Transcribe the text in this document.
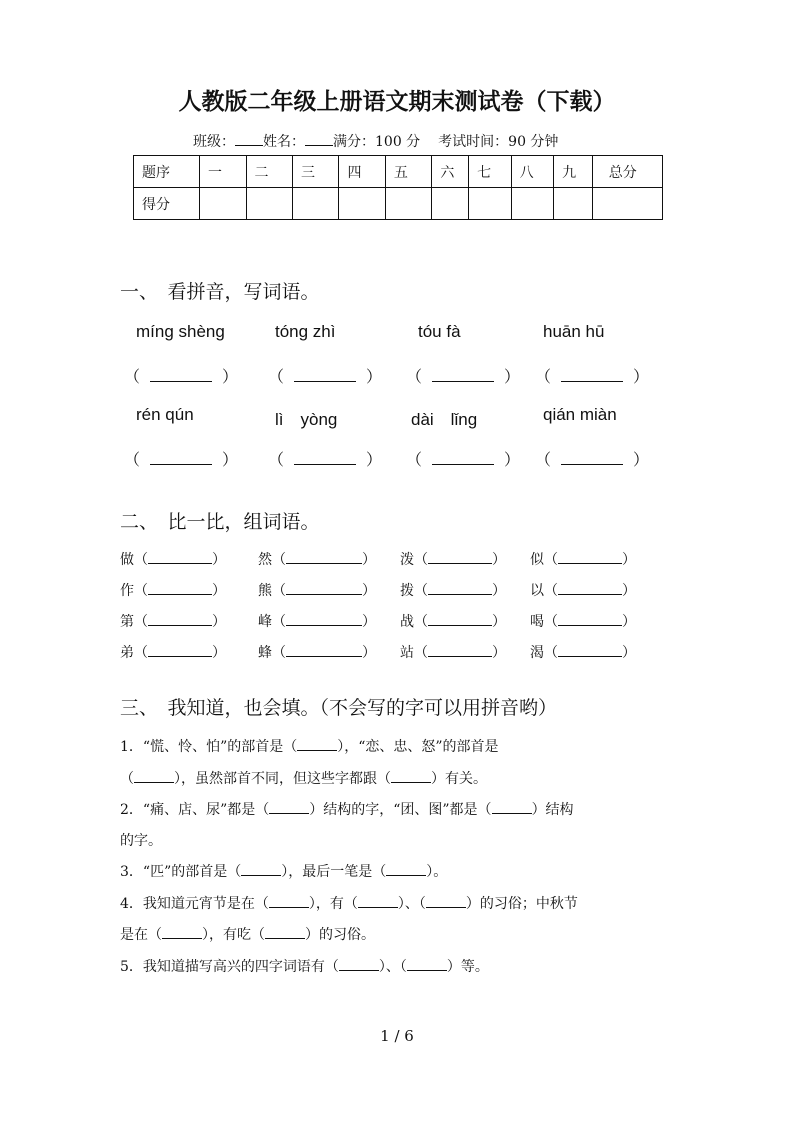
人教版二年级上册语文期末测试卷（下载）
班级： 姓名： 满分：100 分 考试时间：90 分钟
题序	一	二	三	四	五	六	七	八	九	总分
得分										
一、　看拼音，写词语。
míng shèng	tóng zhì	tóu fà	huān hū
（	） （	） （	） （	）
rén qún	lì　yòng	dài　lǐng	qián miàn
（	） （	） （	） （	）
二、　比一比，组词语。
做（	） 然（	） 泼（	） 似（	）
作（	） 熊（	） 拨（	） 以（	）
第（	） 峰（	） 战（	） 喝（	）
弟（	） 蜂（	） 站（	） 渴（	）
三、　我知道，也会填。（不会写的字可以用拼音哟）
1．“慌、怜、怕”的部首是（	），“恋、忠、怒”的部首是
（	），虽然部首不同，但这些字都跟（	）有关。
2．“痛、店、尿”都是（	）结构的字，“团、图”都是（	）结构
的字。
3．“匹”的部首是（	），最后一笔是（	）。
4．我知道元宵节是在（	），有（	）、（	）的习俗；中秋节
是在（	），有吃（	）的习俗。
5．我知道描写高兴的四字词语有（	）、（	）等。
1 / 6
